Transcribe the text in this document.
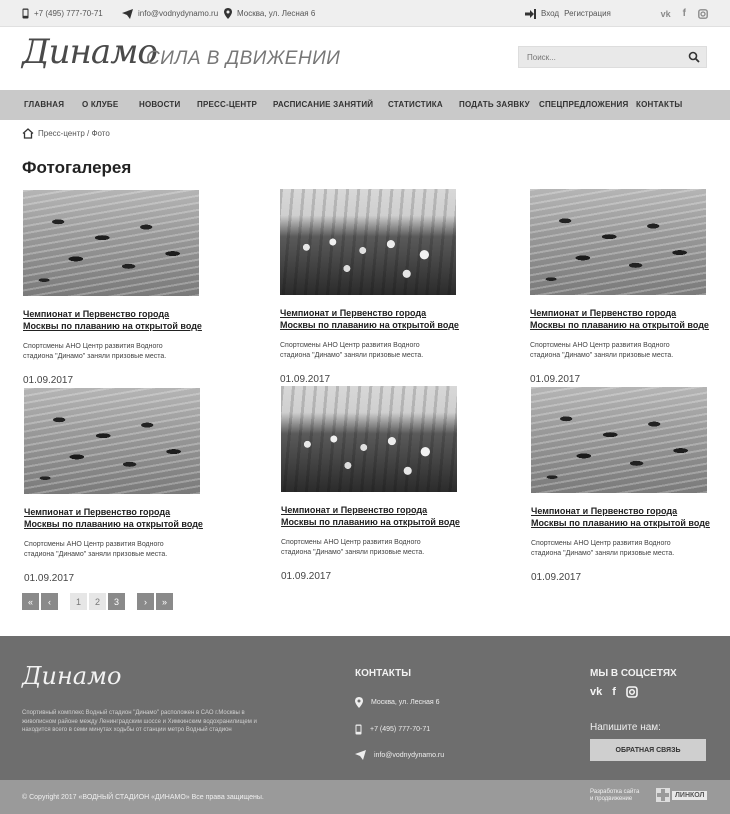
+7 (495) 777-70-71	info@vodnydynamo.ru Москва, ул. Лесная 6	Вход Регистрация	vk f
Динамо
СИЛА В ДВИЖЕНИИ
Поиск...
ГЛАВНАЯ О КЛУБЕ	НОВОСТИ ПРЕСС-ЦЕНТР РАСПИСАНИЕ ЗАНЯТИЙ СТАТИСТИКА ПОДАТЬ ЗАЯВКУ СПЕЦПРЕДЛОЖЕНИЯ КОНТАКТЫ
Пресс-центр / Фото
Фотогалерея
Чемпионат и Первенство города
Москвы по плаванию на открытой воде
Спортсмены АНО Центр развития Водного
стадиона "Динамо" заняли призовые места.
01.09.2017
Чемпионат и Первенство города
Москвы по плаванию на открытой воде
Спортсмены АНО Центр развития Водного
стадиона "Динамо" заняли призовые места.
01.09.2017
Чемпионат и Первенство города
Москвы по плаванию на открытой воде
Спортсмены АНО Центр развития Водного
стадиона "Динамо" заняли призовые места.
01.09.2017
Чемпионат и Первенство города
Москвы по плаванию на открытой воде
Спортсмены АНО Центр развития Водного
стадиона "Динамо" заняли призовые места.
01.09.2017
Чемпионат и Первенство города
Москвы по плаванию на открытой воде
Спортсмены АНО Центр развития Водного
стадиона "Динамо" заняли призовые места.
01.09.2017
Чемпионат и Первенство города
Москвы по плаванию на открытой воде
Спортсмены АНО Центр развития Водного
стадиона "Динамо" заняли призовые места.
01.09.2017
«	‹	1	2	3	›	»
Динамо
Спортивный комплекс Водный стадион "Динамо" расположен в САО г.Москвы в живописном районе между Ленинградским шоссе и Химкинским водохранилищем и находится всего в семи минутах ходьбы от станции метро Водный стадион
КОНТАКТЫ
Москва, ул. Лесная 6
+7 (495) 777-70-71
info@vodnydynamo.ru
МЫ В СОЦСЕТЯХ
vk f
Напишите нам:
ОБРАТНАЯ СВЯЗЬ
© Copyright 2017 «ВОДНЫЙ СТАДИОН «ДИНАМО» Все права защищены.
Разработка сайта
и продвижение
ЛИНКОЛ
